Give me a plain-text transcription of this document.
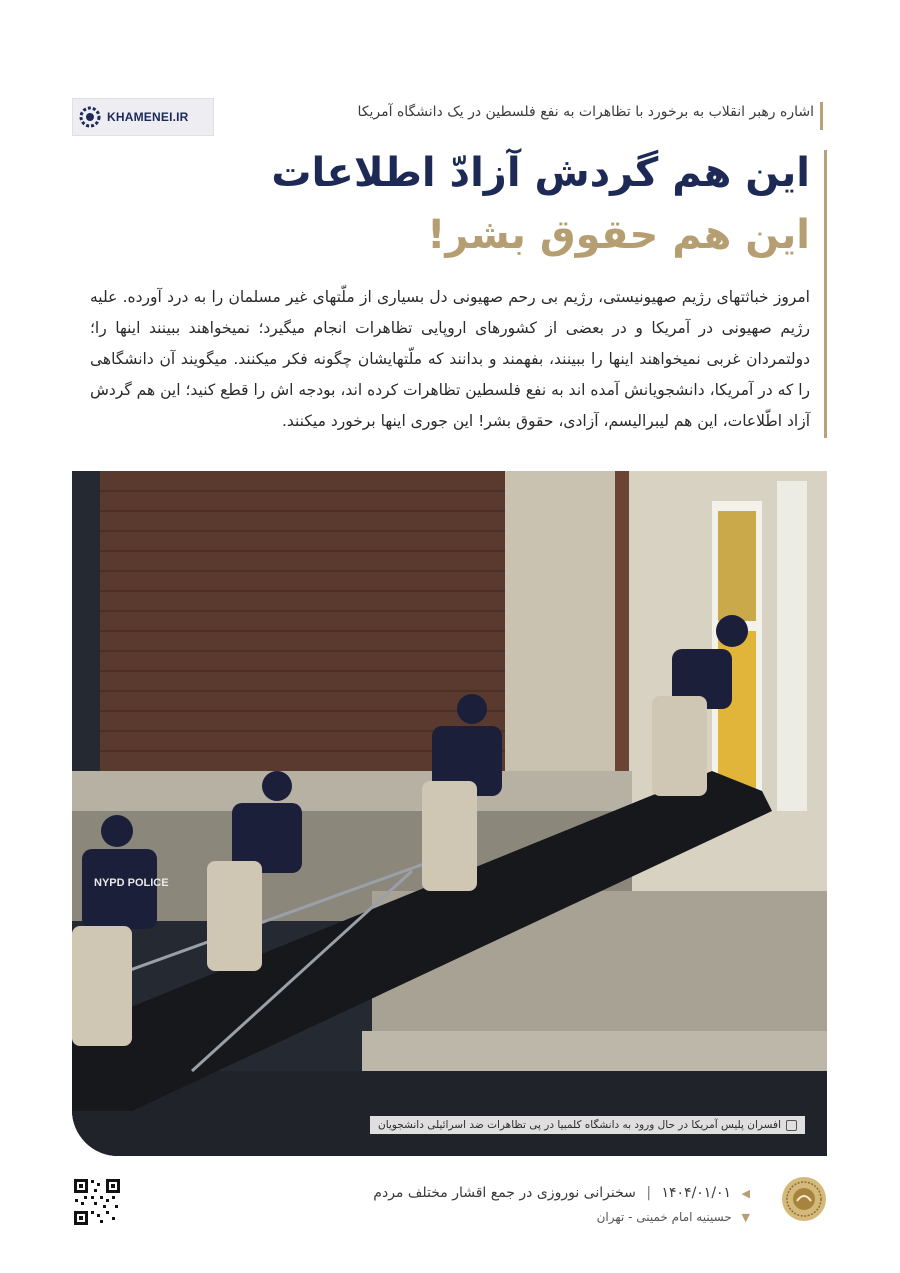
اشاره رهبر انقلاب به برخورد با تظاهرات به نفع فلسطین در یک دانشگاه آمریکا
KHAMENEI.IR
این هم گردش آزادّ اطلاعات
این هم حقوق بشر!
امروز خباثتهای رژیم صهیونیستی، رژیم بی رحم صهیونی دل بسیاری از ملّتهای غیر مسلمان را به درد آورده. علیه رژیم صهیونی در آمریکا و در بعضی از کشورهای اروپایی تظاهرات انجام میگیرد؛ نمیخواهند ببینند اینها را؛ دولتمردان غربی نمیخواهند اینها را ببینند، بفهمند و بدانند که ملّتهایشان چگونه فکر میکنند. میگویند آن دانشگاهی را که در آمریکا، دانشجویانش آمده اند به نفع فلسطین تظاهرات کرده اند، بودجه اش را قطع کنید؛ این هم گردش آزاد اطّلاعات، این هم لیبرالیسم، آزادی، حقوق بشر! این جوری اینها برخورد میکنند.
NYPD POLICE
افسران پلیس آمریکا در حال ورود به دانشگاه کلمبیا در پی تظاهرات ضد اسرائیلی دانشجویان
◀ ۱۴۰۴/۰۱/۰۱ | سخنرانی نوروزی در جمع اقشار مختلف مردم
▼ حسینیه امام خمینی - تهران
